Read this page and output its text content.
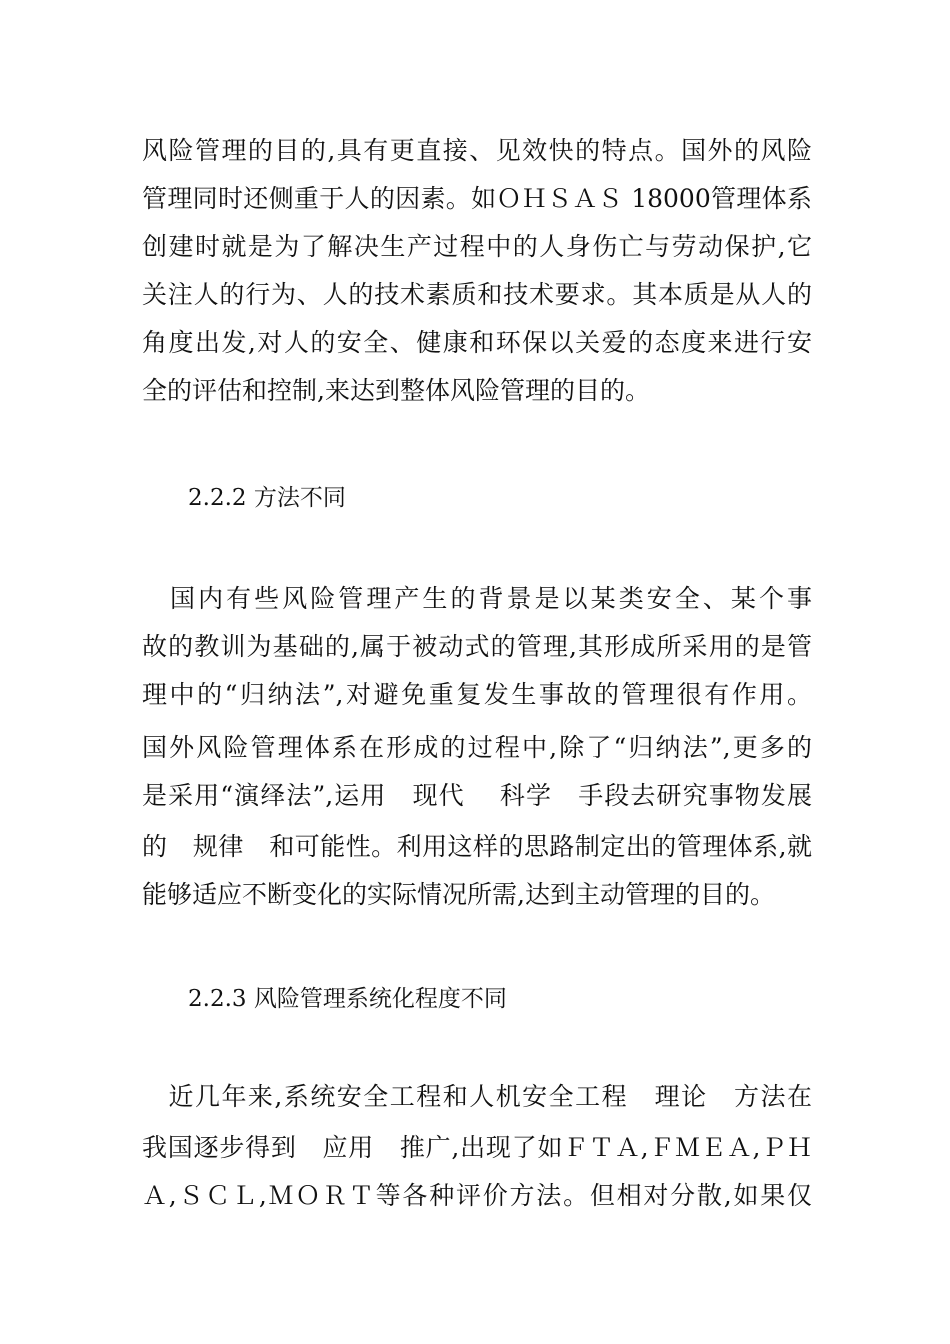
风险管理的目的,具有更直接、见效快的特点。国外的风险
管理同时还侧重于人的因素。如ＯＨＳＡＳ 18000管理体系
创建时就是为了解决生产过程中的人身伤亡与劳动保护,它
关注人的行为、人的技术素质和技术要求。其本质是从人的
角度出发,对人的安全、健康和环保以关爱的态度来进行安
全的评估和控制,来达到整体风险管理的目的。
2.2.2 方法不同
　国内有些风险管理产生的背景是以某类安全、某个事
故的教训为基础的,属于被动式的管理,其形成所采用的是管
理中的“归纳法”,对避免重复发生事故的管理很有作用。
国外风险管理体系在形成的过程中,除了“归纳法”,更多的
是采用“演绎法”,运用　现代　 科学　手段去研究事物发展
的　规律　和可能性。利用这样的思路制定出的管理体系,就
能够适应不断变化的实际情况所需,达到主动管理的目的。
2.2.3 风险管理系统化程度不同
　近几年来,系统安全工程和人机安全工程　理论　方法在
我国逐步得到　应用　推广,出现了如ＦＴＡ,ＦＭＥＡ,ＰＨ
Ａ,ＳＣＬ,ＭＯＲＴ等各种评价方法。但相对分散,如果仅
